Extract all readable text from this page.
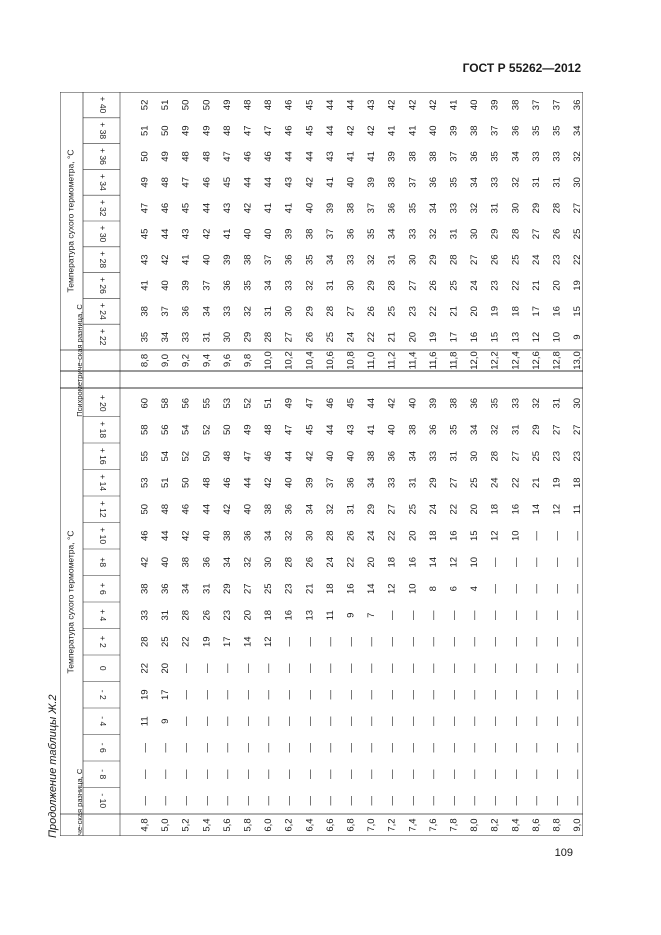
ГОСТ Р 55262—2012
Продолжение таблицы Ж.2
Температура сухого термометра, °С
Температура сухого термометра, °С
Психрометриче-ская разница, С
Психрометриче-ская разница, С
- 10
- 8
- 6
- 4
- 2
0
+ 2
+ 4
+ 6
+8
+ 10
+ 12
+ 14
+ 16
+ 18
+ 20
+ 22
+ 24
+ 26
+ 28
+ 30
+ 32
+ 34
+ 36
+ 38
+ 40
4,8
8,8
—
—
—
11
19
22
28
33
38
42
46
50
53
55
58
60
35
38
41
43
45
47
49
50
51
52
5,0
9,0
—
—
—
9
17
20
25
31
36
40
44
48
51
54
56
58
34
37
40
42
44
46
48
49
50
51
5,2
9,2
—
—
—
—
—
—
22
28
34
38
42
46
50
52
54
56
33
36
39
41
43
45
47
48
49
50
5,4
9,4
—
—
—
—
—
—
19
26
31
36
40
44
48
50
52
55
31
34
37
40
42
44
46
48
49
50
5,6
9,6
—
—
—
—
—
—
17
23
29
34
38
42
46
48
50
53
30
33
36
39
41
43
45
47
48
49
5,8
9,8
—
—
—
—
—
—
14
20
27
32
36
40
44
47
49
52
29
32
35
38
40
42
44
46
47
48
6,0
10,0
—
—
—
—
—
—
12
18
25
30
34
38
42
46
48
51
28
31
34
37
40
41
44
46
47
48
6,2
10,2
—
—
—
—
—
—
—
16
23
28
32
36
40
44
47
49
27
30
33
36
39
41
43
44
46
46
6,4
10,4
—
—
—
—
—
—
—
13
21
26
30
34
39
42
45
47
26
29
32
35
38
40
42
44
45
45
6,6
10,6
—
—
—
—
—
—
—
11
18
24
28
32
37
40
44
46
25
28
31
34
37
39
41
43
44
44
6,8
10,8
—
—
—
—
—
—
—
9
16
22
26
31
36
40
43
45
24
27
30
33
36
38
40
41
42
44
7,0
11,0
—
—
—
—
—
—
—
7
14
20
24
29
34
38
41
44
22
26
29
32
35
37
39
41
42
43
7,2
11,2
—
—
—
—
—
—
—
—
12
18
22
27
33
36
40
42
21
25
28
31
34
36
38
39
41
42
7,4
11,4
—
—
—
—
—
—
—
—
10
16
20
25
31
34
38
40
20
23
27
30
33
35
37
38
41
42
7,6
11,6
—
—
—
—
—
—
—
—
8
14
18
24
29
33
36
39
19
22
26
29
32
34
36
38
40
42
7,8
11,8
—
—
—
—
—
—
—
—
6
12
16
22
27
31
35
38
17
21
25
28
31
33
35
37
39
41
8,0
12,0
—
—
—
—
—
—
—
—
4
10
15
20
25
30
34
36
16
20
24
27
30
32
34
36
38
40
8,2
12,2
—
—
—
—
—
—
—
—
—
—
12
18
24
28
32
35
15
19
23
26
29
31
33
35
37
39
8,4
12,4
—
—
—
—
—
—
—
—
—
—
10
16
22
27
31
33
13
18
22
25
28
30
32
34
36
38
8,6
12,6
—
—
—
—
—
—
—
—
—
—
—
14
21
25
29
32
12
17
21
24
27
29
31
33
35
37
8,8
12,8
—
—
—
—
—
—
—
—
—
—
—
12
19
23
27
31
10
16
20
23
26
28
31
33
35
37
9,0
13,0
—
—
—
—
—
—
—
—
—
—
—
11
18
23
27
30
9
15
19
22
25
27
30
32
34
36
109
